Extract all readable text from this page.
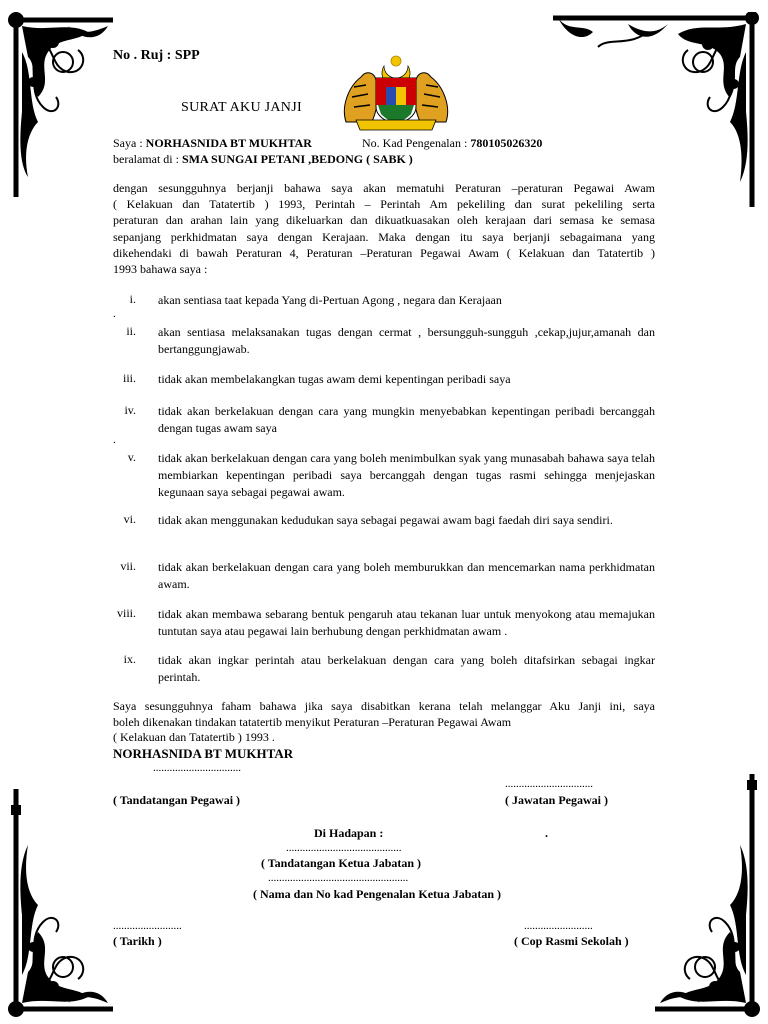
No . Ruj : SPP
SURAT AKU JANJI
Saya : NORHASNIDA BT MUKHTAR	No. Kad Pengenalan : 780105026320
beralamat di : SMA SUNGAI PETANI ,BEDONG ( SABK )
dengan sesungguhnya berjanji bahawa saya akan mematuhi Peraturan –peraturan Pegawai Awam
( Kelakuan dan Tatatertib ) 1993, Perintah – Perintah Am pekeliling dan surat pekeliling serta
peraturan dan arahan lain yang dikeluarkan dan dikuatkuasakan oleh kerajaan dari semasa ke semasa
sepanjang perkhidmatan saya dengan Kerajaan. Maka dengan itu saya berjanji sebagaimana yang
dikehendaki di bawah Peraturan 4, Peraturan –Peraturan Pegawai Awam ( Kelakuan dan Tatatertib )
1993 bahawa saya :
i. akan sentiasa taat kepada Yang di-Pertuan Agong , negara dan Kerajaan
.
ii. akan sentiasa melaksanakan tugas dengan cermat , bersungguh-sungguh ,cekap,jujur,amanah dan bertanggungjawab.
iii. tidak akan membelakangkan tugas awam demi kepentingan peribadi saya
iv. tidak akan berkelakuan dengan cara yang mungkin menyebabkan kepentingan peribadi bercanggah dengan tugas awam saya
.
v. tidak akan berkelakuan dengan cara yang boleh menimbulkan syak yang munasabah bahawa saya telah membiarkan kepentingan peribadi saya bercanggah dengan tugas rasmi sehingga menjejaskan kegunaan saya sebagai pegawai awam.
vi. tidak akan menggunakan kedudukan saya sebagai pegawai awam bagi faedah diri saya sendiri.
vii. tidak akan berkelakuan dengan cara yang boleh memburukkan dan mencemarkan nama perkhidmatan awam.
viii. tidak akan membawa sebarang bentuk pengaruh atau tekanan luar untuk menyokong atau memajukan tuntutan saya atau pegawai lain berhubung dengan perkhidmatan awam .
ix. tidak akan ingkar perintah atau berkelakuan dengan cara yang boleh ditafsirkan sebagai ingkar perintah.
Saya sesungguhnya faham bahawa jika saya disabitkan kerana telah melanggar Aku Janji ini, saya
boleh dikenakan tindakan tatatertib menyikut Peraturan –Peraturan Pegawai Awam
( Kelakuan dan Tatatertib ) 1993 .
NORHASNIDA BT MUKHTAR
................................
................................
( Tandatangan Pegawai )	( Jawatan Pegawai )
Di Hadapan :	.
..........................................
( Tandatangan Ketua Jabatan )
...................................................
( Nama dan No kad Pengenalan Ketua Jabatan )
.........................	.........................
( Tarikh )	( Cop Rasmi Sekolah )
